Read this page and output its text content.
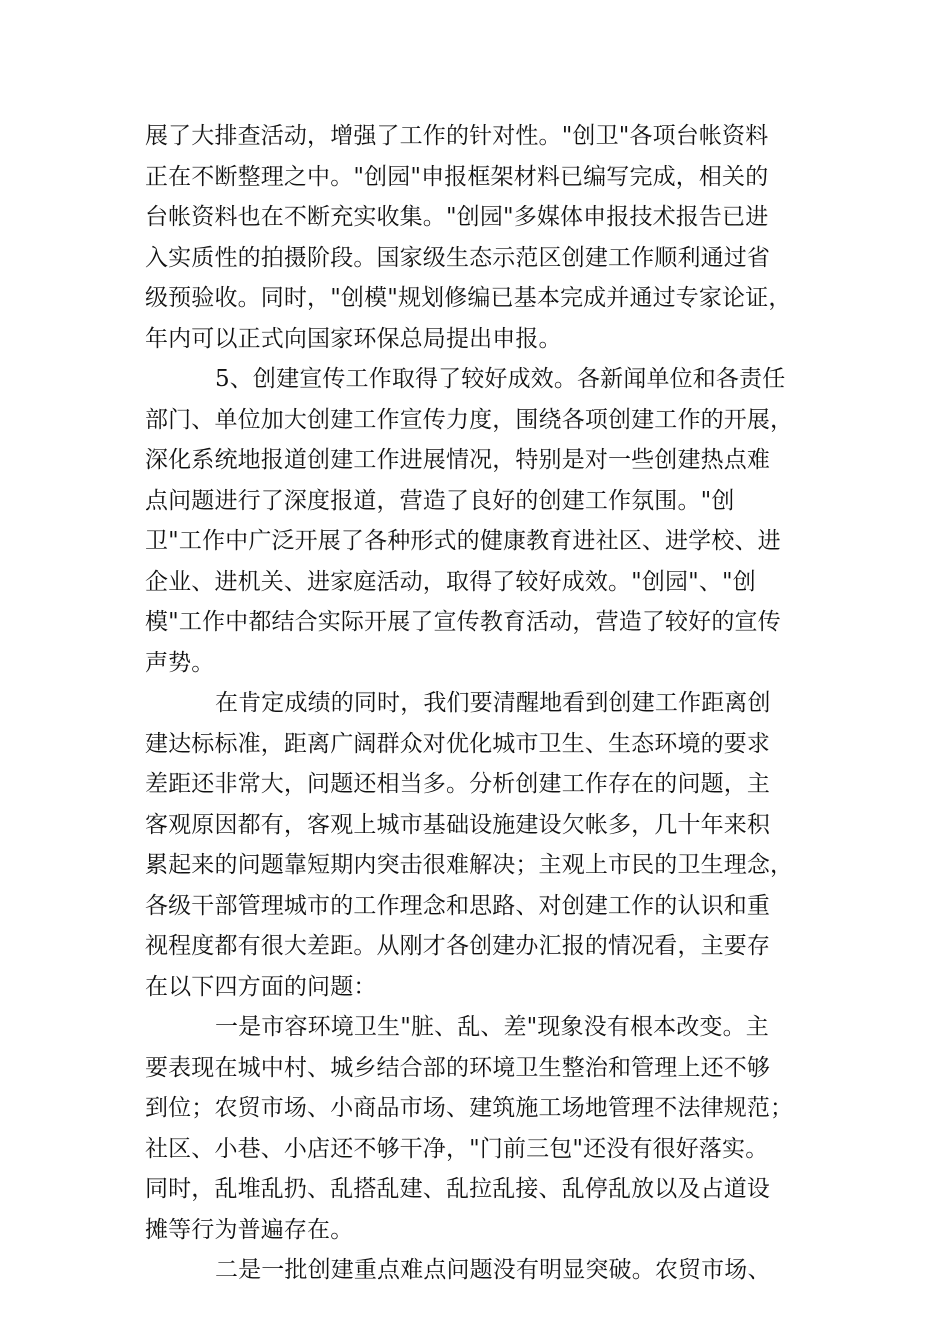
展了大排查活动，增强了工作的针对性。"创卫"各项台帐资料
正在不断整理之中。"创园"申报框架材料已编写完成，相关的
台帐资料也在不断充实收集。"创园"多媒体申报技术报告已进
入实质性的拍摄阶段。国家级生态示范区创建工作顺利通过省
级预验收。同时，"创模"规划修编已基本完成并通过专家论证，
年内可以正式向国家环保总局提出申报。
5、创建宣传工作取得了较好成效。各新闻单位和各责任
部门、单位加大创建工作宣传力度，围绕各项创建工作的开展，
深化系统地报道创建工作进展情况，特别是对一些创建热点难
点问题进行了深度报道，营造了良好的创建工作氛围。"创
卫"工作中广泛开展了各种形式的健康教育进社区、进学校、进
企业、进机关、进家庭活动，取得了较好成效。"创园"、"创
模"工作中都结合实际开展了宣传教育活动，营造了较好的宣传
声势。
在肯定成绩的同时，我们要清醒地看到创建工作距离创
建达标标准，距离广阔群众对优化城市卫生、生态环境的要求
差距还非常大，问题还相当多。分析创建工作存在的问题，主
客观原因都有，客观上城市基础设施建设欠帐多，几十年来积
累起来的问题靠短期内突击很难解决；主观上市民的卫生理念，
各级干部管理城市的工作理念和思路、对创建工作的认识和重
视程度都有很大差距。从刚才各创建办汇报的情况看，主要存
在以下四方面的问题：
一是市容环境卫生"脏、乱、差"现象没有根本改变。主
要表现在城中村、城乡结合部的环境卫生整治和管理上还不够
到位；农贸市场、小商品市场、建筑施工场地管理不法律规范；
社区、小巷、小店还不够干净，"门前三包"还没有很好落实。
同时，乱堆乱扔、乱搭乱建、乱拉乱接、乱停乱放以及占道设
摊等行为普遍存在。
二是一批创建重点难点问题没有明显突破。农贸市场、
